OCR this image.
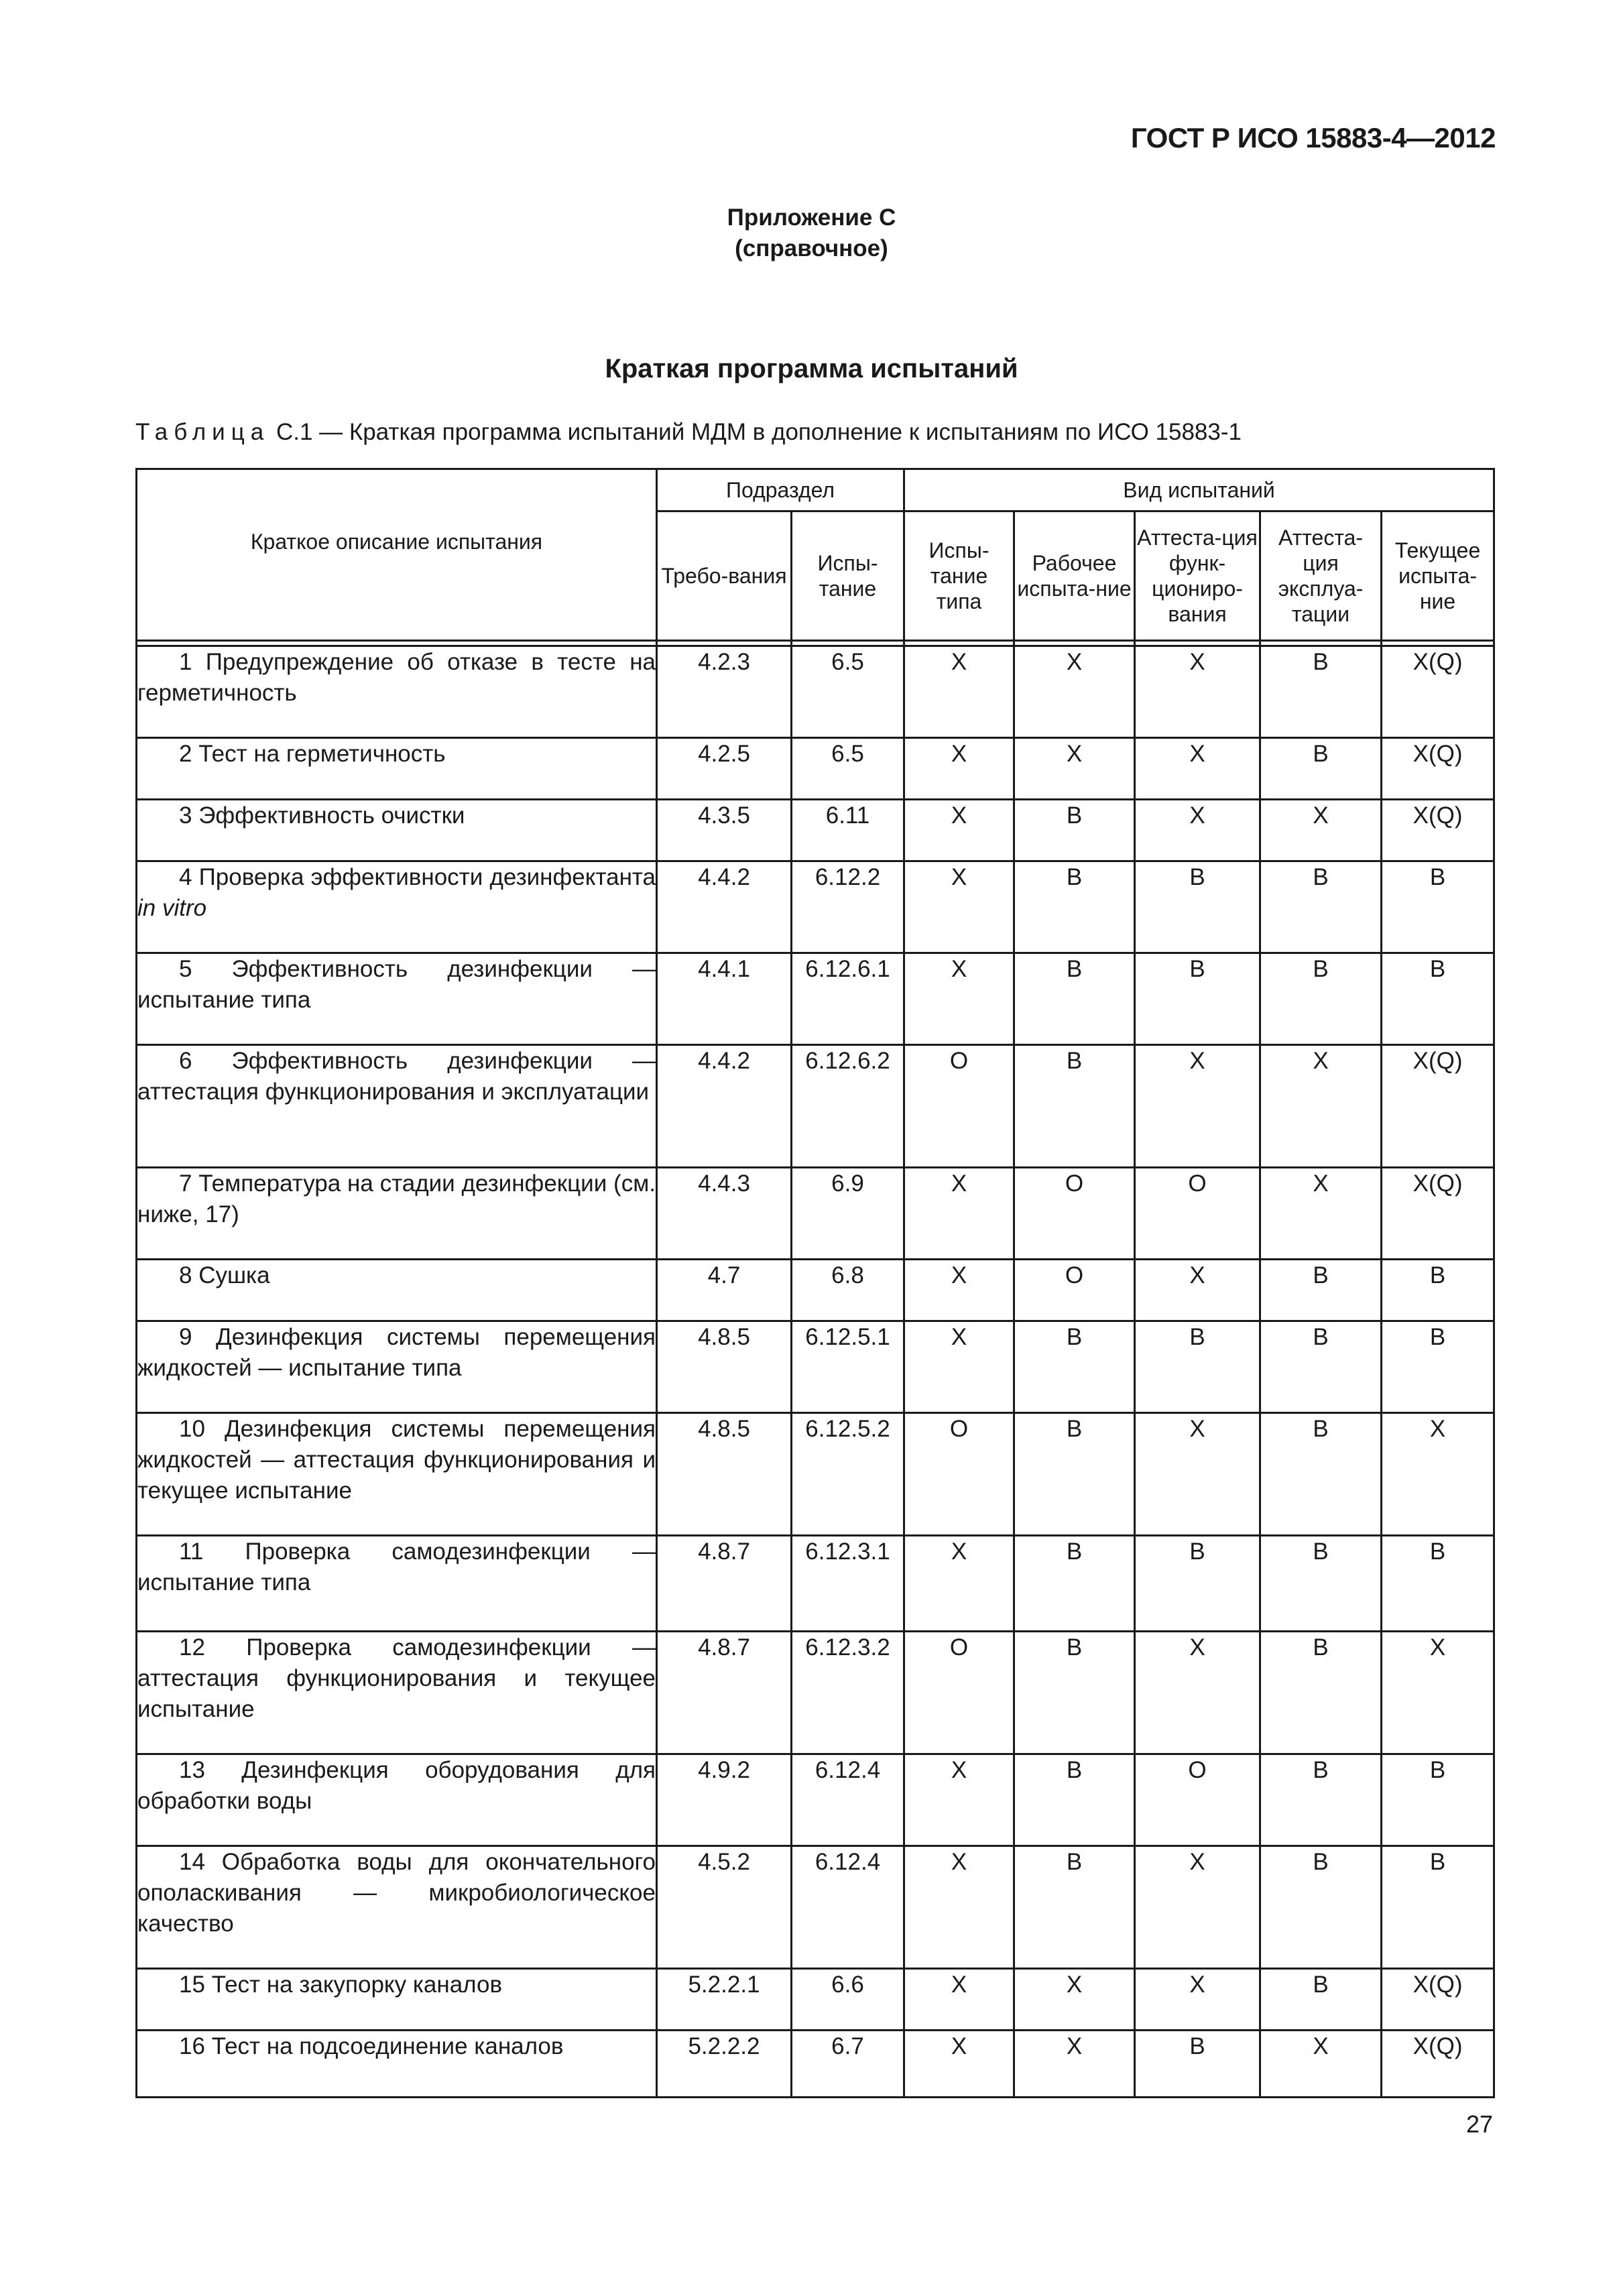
ГОСТ Р ИСО 15883-4—2012
Приложение С
(справочное)
Краткая программа испытаний
Таблица С.1 — Краткая программа испытаний МДМ в дополнение к испытаниям по ИСО 15883-1
Краткое описание испытания	Подраздел		Вид испытаний				
	Требо-вания	Испы-тание	Испы-тание типа	Рабочее испыта-ние	Аттеста-ция функ-циониро-вания	Аттеста-ция эксплуа-тации	Текущее испыта-ние

1 Предупреждение об отказе в тесте на герметичность	4.2.3	6.5	X	X	X	B	X(Q)

2 Тест на герметичность	4.2.5	6.5	X	X	X	B	X(Q)

3 Эффективность очистки	4.3.5	6.11	X	B	X	X	X(Q)

4 Проверка эффективности дезинфектанта in vitro	4.4.2	6.12.2	X	B	B	B	B

5 Эффективность дезинфекции — испытание типа	4.4.1	6.12.6.1	X	B	B	B	B

6 Эффективность дезинфекции — аттестация функционирования и эксплуатации	4.4.2	6.12.6.2	O	B	X	X	X(Q)

7 Температура на стадии дезинфекции (см. ниже, 17)	4.4.3	6.9	X	O	O	X	X(Q)

8 Сушка	4.7	6.8	X	O	X	B	B

9 Дезинфекция системы перемещения жидкостей — испытание типа	4.8.5	6.12.5.1	X	B	B	B	B

10 Дезинфекция системы перемещения жидкостей — аттестация функционирования и текущее испытание	4.8.5	6.12.5.2	O	B	X	B	X

11 Проверка самодезинфекции — испытание типа	4.8.7	6.12.3.1	X	B	B	B	B

12 Проверка самодезинфекции — аттестация функционирования и текущее испытание	4.8.7	6.12.3.2	O	B	X	B	X

13 Дезинфекция оборудования для обработки воды	4.9.2	6.12.4	X	B	O	B	B

14 Обработка воды для окончательного ополаскивания — микробиологическое качество	4.5.2	6.12.4	X	B	X	B	B

15 Тест на закупорку каналов	5.2.2.1	6.6	X	X	X	B	X(Q)

16 Тест на подсоединение каналов	5.2.2.2	6.7	X	X	B	X	X(Q)
27
